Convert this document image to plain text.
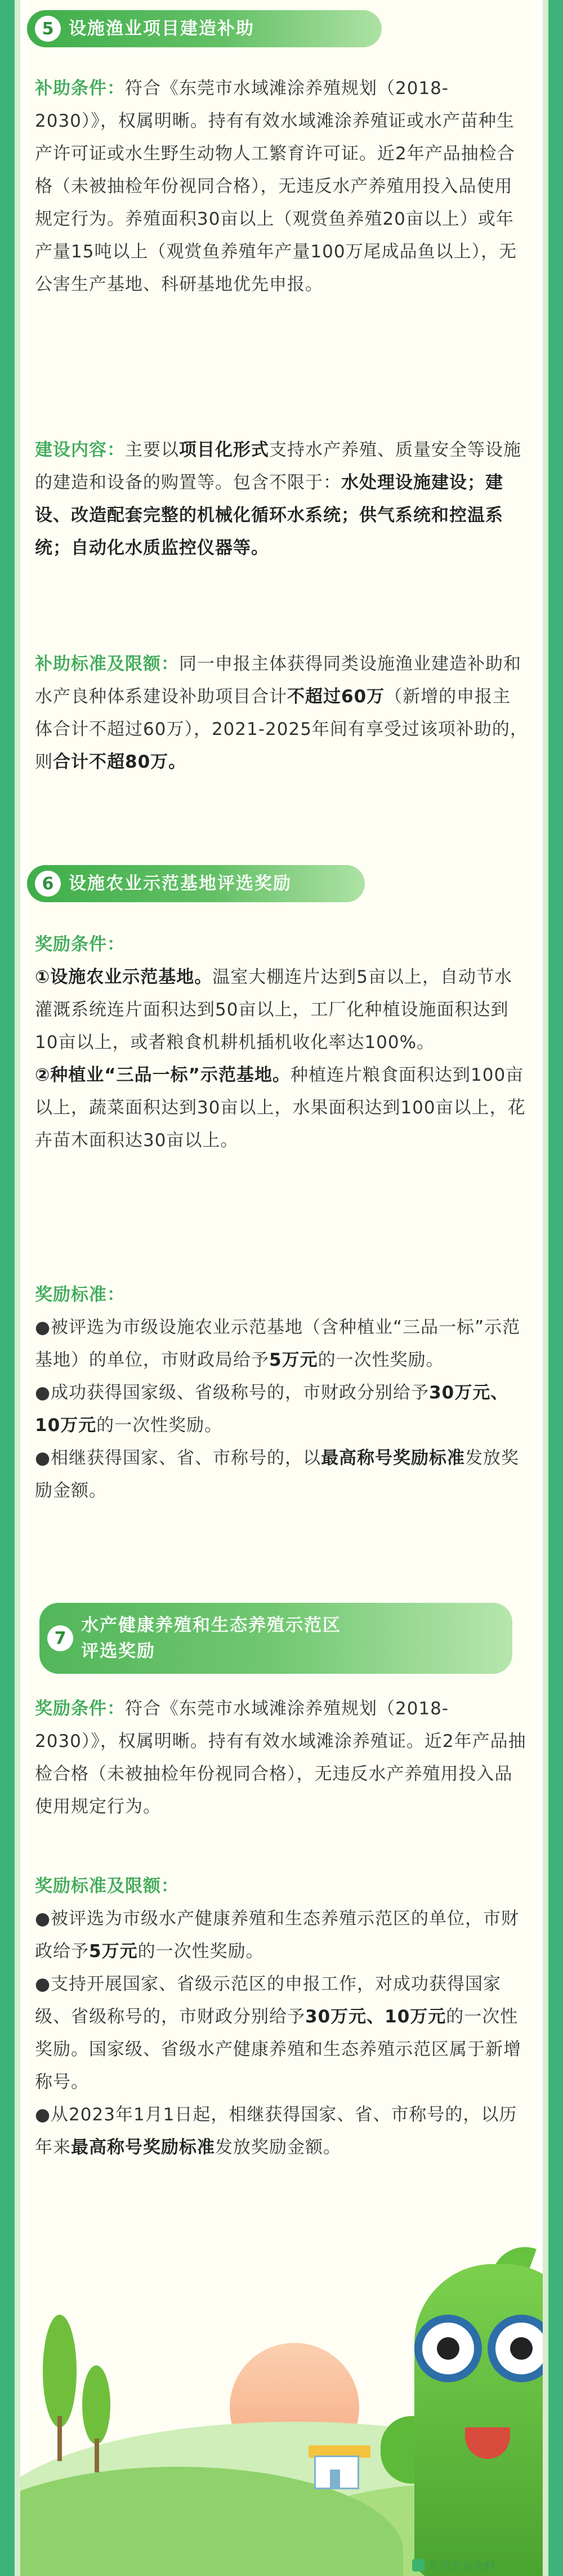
5 设施渔业项目建造补助
补助条件：符合《东莞市水域滩涂养殖规划（2018-2030）》，权属明晰。持有有效水域滩涂养殖证或水产苗种生产许可证或水生野生动物人工繁育许可证。近2年产品抽检合格（未被抽检年份视同合格），无违反水产养殖用投入品使用规定行为。养殖面积30亩以上（观赏鱼养殖20亩以上）或年产量15吨以上（观赏鱼养殖年产量100万尾成品鱼以上），无公害生产基地、科研基地优先申报。
建设内容：主要以项目化形式支持水产养殖、质量安全等设施的建造和设备的购置等。包含不限于：水处理设施建设；建设、改造配套完整的机械化循环水系统；供气系统和控温系统；自动化水质监控仪器等。
补助标准及限额：同一申报主体获得同类设施渔业建造补助和水产良种体系建设补助项目合计不超过60万（新增的申报主体合计不超过60万），2021-2025年间有享受过该项补助的，则合计不超80万。
6 设施农业示范基地评选奖励
奖励条件：
①设施农业示范基地。温室大棚连片达到5亩以上，自动节水灌溉系统连片面积达到50亩以上，工厂化种植设施面积达到10亩以上，或者粮食机耕机插机收化率达100%。
②种植业“三品一标”示范基地。种植连片粮食面积达到100亩以上，蔬菜面积达到30亩以上，水果面积达到100亩以上，花卉苗木面积达30亩以上。
奖励标准：
●被评选为市级设施农业示范基地（含种植业“三品一标”示范基地）的单位，市财政局给予5万元的一次性奖励。
●成功获得国家级、省级称号的，市财政分别给予30万元、10万元的一次性奖励。
●相继获得国家、省、市称号的，以最高称号奖励标准发放奖励金额。
7
水产健康养殖和生态养殖示范区
评选奖励
奖励条件：符合《东莞市水域滩涂养殖规划（2018-2030）》，权属明晰。持有有效水域滩涂养殖证。近2年产品抽检合格（未被抽检年份视同合格），无违反水产养殖用投入品使用规定行为。
奖励标准及限额：
●被评选为市级水产健康养殖和生态养殖示范区的单位，市财政给予5万元的一次性奖励。
●支持开展国家、省级示范区的申报工作，对成功获得国家级、省级称号的，市财政分别给予30万元、10万元的一次性奖励。国家级、省级水产健康养殖和生态养殖示范区属于新增称号。
●从2023年1月1日起，相继获得国家、省、市称号的，以历年来最高称号奖励标准发放奖励金额。
东莞农业农村
